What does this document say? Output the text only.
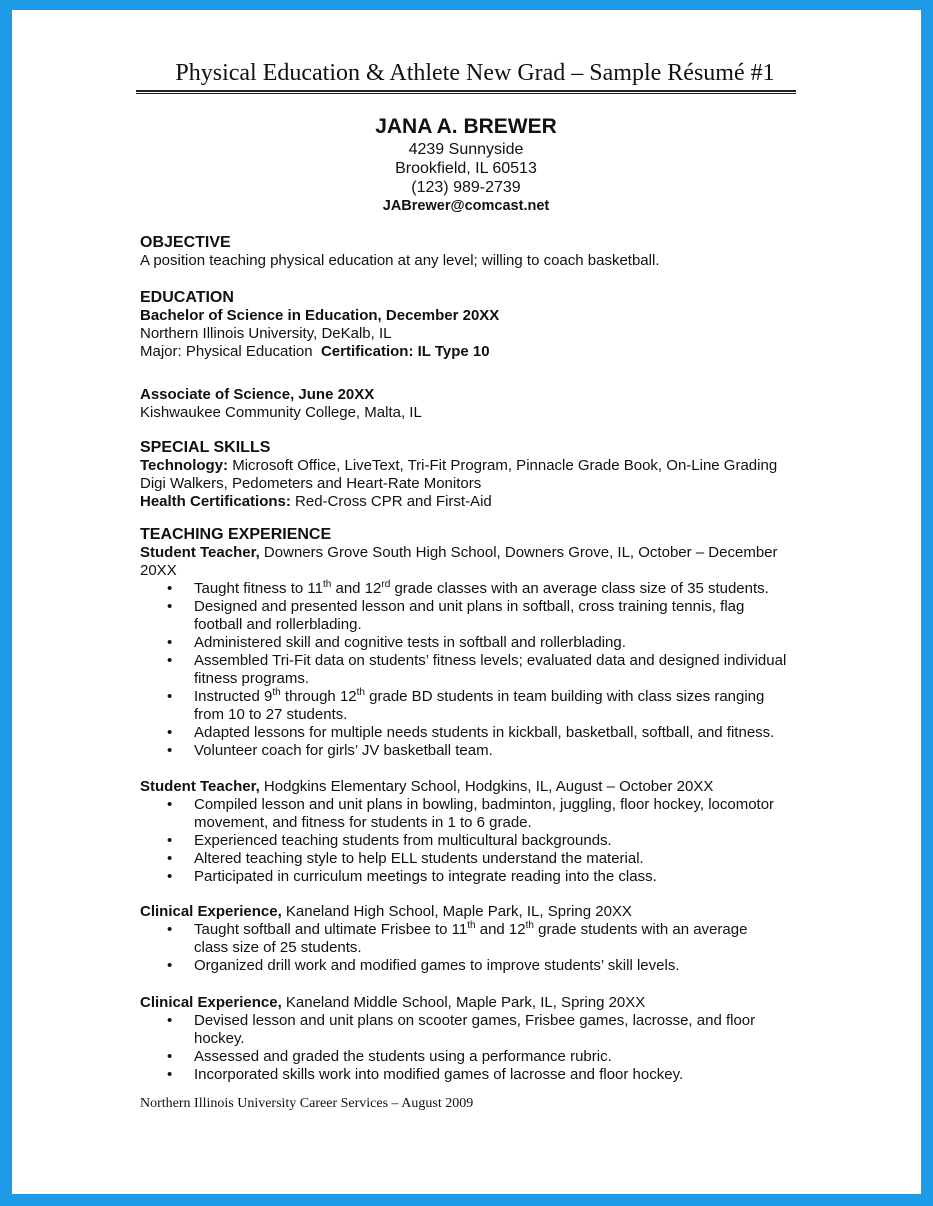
Physical Education & Athlete New Grad – Sample Résumé #1
JANA A. BREWER
4239 Sunnyside
Brookfield, IL 60513
(123) 989-2739
JABrewer@comcast.net
OBJECTIVE
A position teaching physical education at any level; willing to coach basketball.
EDUCATION
Bachelor of Science in Education, December 20XX
Northern Illinois University, DeKalb, IL
Major: Physical Education Certification: IL Type 10
Associate of Science, June 20XX
Kishwaukee Community College, Malta, IL
SPECIAL SKILLS
Technology: Microsoft Office, LiveText, Tri-Fit Program, Pinnacle Grade Book, On-Line Grading
Digi Walkers, Pedometers and Heart-Rate Monitors
Health Certifications: Red-Cross CPR and First-Aid
TEACHING EXPERIENCE
Student Teacher, Downers Grove South High School, Downers Grove, IL, October – December
20XX
• Taught fitness to 11th and 12rd grade classes with an average class size of 35 students.
• Designed and presented lesson and unit plans in softball, cross training tennis, flag football and rollerblading.
• Administered skill and cognitive tests in softball and rollerblading.
• Assembled Tri-Fit data on students’ fitness levels; evaluated data and designed individual fitness programs.
• Instructed 9th through 12th grade BD students in team building with class sizes ranging from 10 to 27 students.
• Adapted lessons for multiple needs students in kickball, basketball, softball, and fitness.
• Volunteer coach for girls’ JV basketball team.
Student Teacher, Hodgkins Elementary School, Hodgkins, IL, August – October 20XX
• Compiled lesson and unit plans in bowling, badminton, juggling, floor hockey, locomotor movement, and fitness for students in 1 to 6 grade.
• Experienced teaching students from multicultural backgrounds.
• Altered teaching style to help ELL students understand the material.
• Participated in curriculum meetings to integrate reading into the class.
Clinical Experience, Kaneland High School, Maple Park, IL, Spring 20XX
• Taught softball and ultimate Frisbee to 11th and 12th grade students with an average class size of 25 students.
• Organized drill work and modified games to improve students’ skill levels.
Clinical Experience, Kaneland Middle School, Maple Park, IL, Spring 20XX
• Devised lesson and unit plans on scooter games, Frisbee games, lacrosse, and floor hockey.
• Assessed and graded the students using a performance rubric.
• Incorporated skills work into modified games of lacrosse and floor hockey.
Northern Illinois University Career Services – August 2009
